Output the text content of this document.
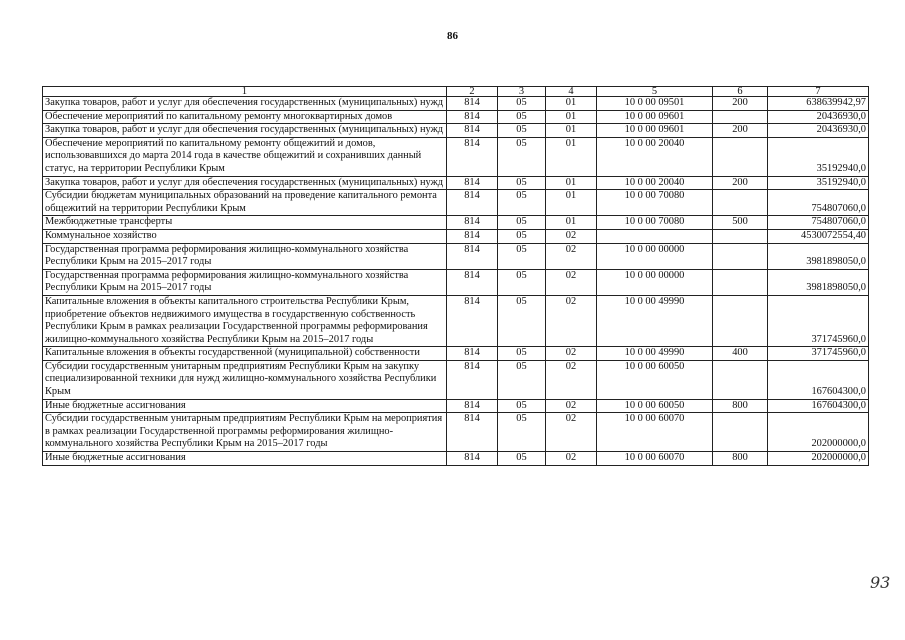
86
1	2	3	4	5	6	7
Закупка товаров, работ и услуг для обеспечения государственных (муниципальных) нужд	814	05	01	10 0 00 09501	200	638639942,97
Обеспечение мероприятий по капитальному ремонту многоквартирных домов	814	05	01	10 0 00 09601		20436930,0
Закупка товаров, работ и услуг для обеспечения государственных (муниципальных) нужд	814	05	01	10 0 00 09601	200	20436930,0
Обеспечение мероприятий по капитальному ремонту общежитий и домов, использовавшихся до марта 2014 года в качестве общежитий и сохранивших данный статус, на территории Республики Крым	814	05	01	10 0 00 20040		35192940,0
Закупка товаров, работ и услуг для обеспечения государственных (муниципальных) нужд	814	05	01	10 0 00 20040	200	35192940,0
Субсидии бюджетам муниципальных образований на проведение капитального ремонта общежитий на территории Республики Крым	814	05	01	10 0 00 70080		754807060,0
Межбюджетные трансферты	814	05	01	10 0 00 70080	500	754807060,0
Коммунальное хозяйство	814	05	02			4530072554,40
Государственная программа реформирования жилищно-коммунального хозяйства Республики Крым на 2015–2017 годы	814	05	02	10 0 00 00000		3981898050,0
Государственная программа реформирования жилищно-коммунального хозяйства Республики Крым на 2015–2017 годы	814	05	02	10 0 00 00000		3981898050,0
Капитальные вложения в объекты капитального строительства Республики Крым, приобретение объектов недвижимого имущества в государственную собственность Республики Крым в рамках реализации Государственной программы реформирования жилищно-коммунального хозяйства Республики Крым на 2015–2017 годы	814	05	02	10 0 00 49990		371745960,0
Капитальные вложения в объекты государственной (муниципальной) собственности	814	05	02	10 0 00 49990	400	371745960,0
Субсидии государственным унитарным предприятиям Республики Крым на закупку специализированной техники для нужд жилищно-коммунального хозяйства Республики Крым	814	05	02	10 0 00 60050		167604300,0
Иные бюджетные ассигнования	814	05	02	10 0 00 60050	800	167604300,0
Субсидии государственным унитарным предприятиям Республики Крым на мероприятия в рамках реализации Государственной программы реформирования жилищно-коммунального хозяйства Республики Крым на 2015–2017 годы	814	05	02	10 0 00 60070		202000000,0
Иные бюджетные ассигнования	814	05	02	10 0 00 60070	800	202000000,0
93
